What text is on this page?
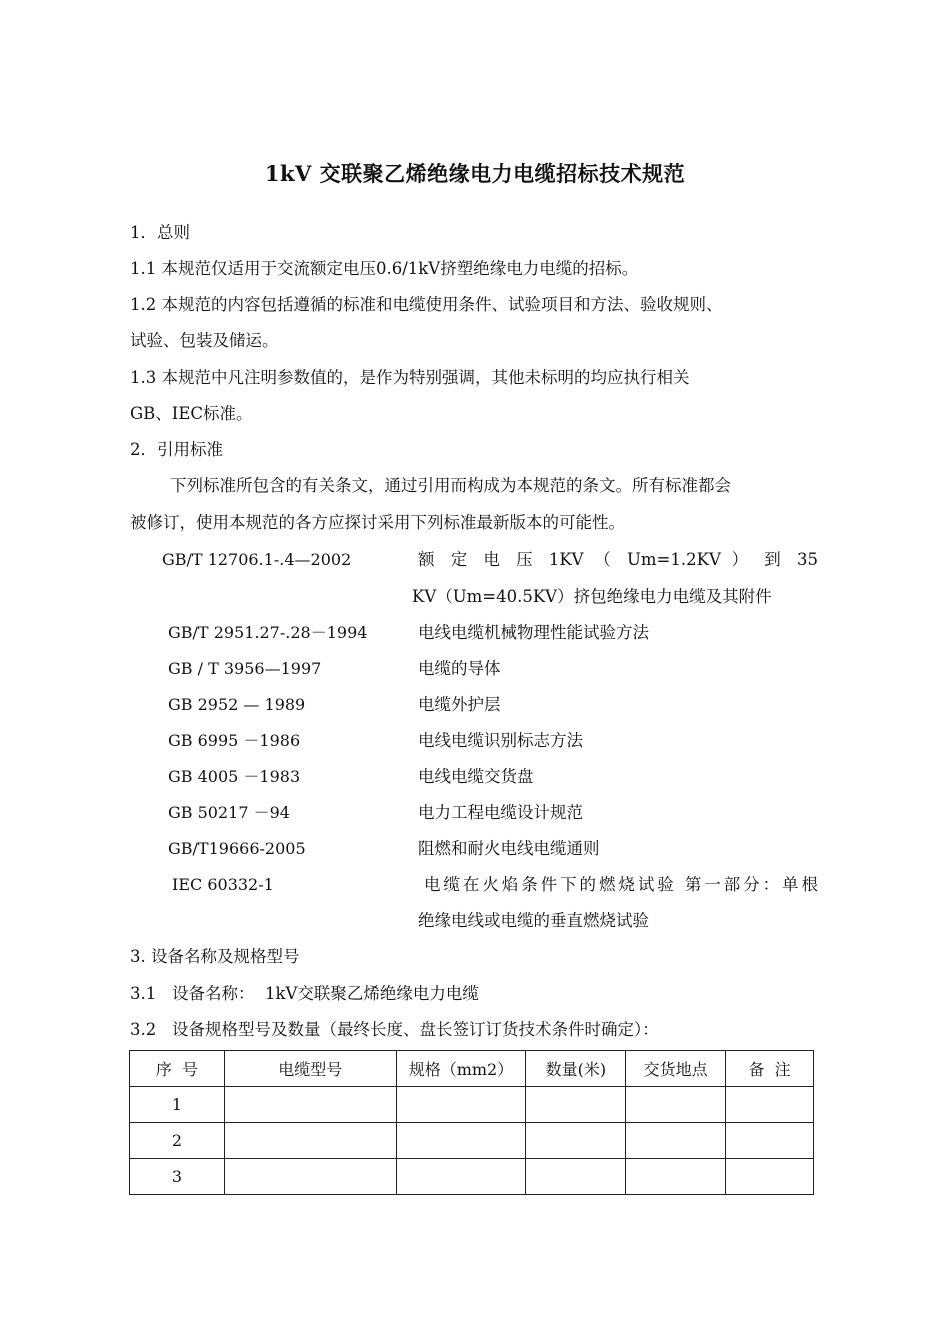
1kV 交联聚乙烯绝缘电力电缆招标技术规范
1．总则
1.1 本规范仅适用于交流额定电压0.6/1kV挤塑绝缘电力电缆的招标。
1.2 本规范的内容包括遵循的标准和电缆使用条件、试验项目和方法、验收规则、
试验、包装及储运。
1.3 本规范中凡注明参数值的，是作为特别强调，其他未标明的均应执行相关
GB、IEC标准。
2．引用标准
下列标准所包含的有关条文，通过引用而构成为本规范的条文。所有标准都会
被修订，使用本规范的各方应探讨采用下列标准最新版本的可能性。
GB/T 12706.1-.4—2002	额 定 电 压 1KV （ Um=1.2KV ） 到 35
KV（Um=40.5KV）挤包绝缘电力电缆及其附件
GB/T 2951.27-.28－1994	电线电缆机械物理性能试验方法
GB / T 3956—1997	电缆的导体
GB 2952 — 1989	电缆外护层
GB 6995 －1986	电线电缆识别标志方法
GB 4005 －1983	电线电缆交货盘
GB 50217 －94	电力工程电缆设计规范
GB/T19666-2005	阻燃和耐火电线电缆通则
IEC 60332-1	电缆在火焰条件下的燃烧试验 第一部分：单根
绝缘电线或电缆的垂直燃烧试验
3. 设备名称及规格型号
3.1   设备名称：  1kV交联聚乙烯绝缘电力电缆
3.2   设备规格型号及数量（最终长度、盘长签订订货技术条件时确定）：
序  号	电缆型号	规格（mm2）	数量(米)	交货地点	备  注
1					
2					
3					
